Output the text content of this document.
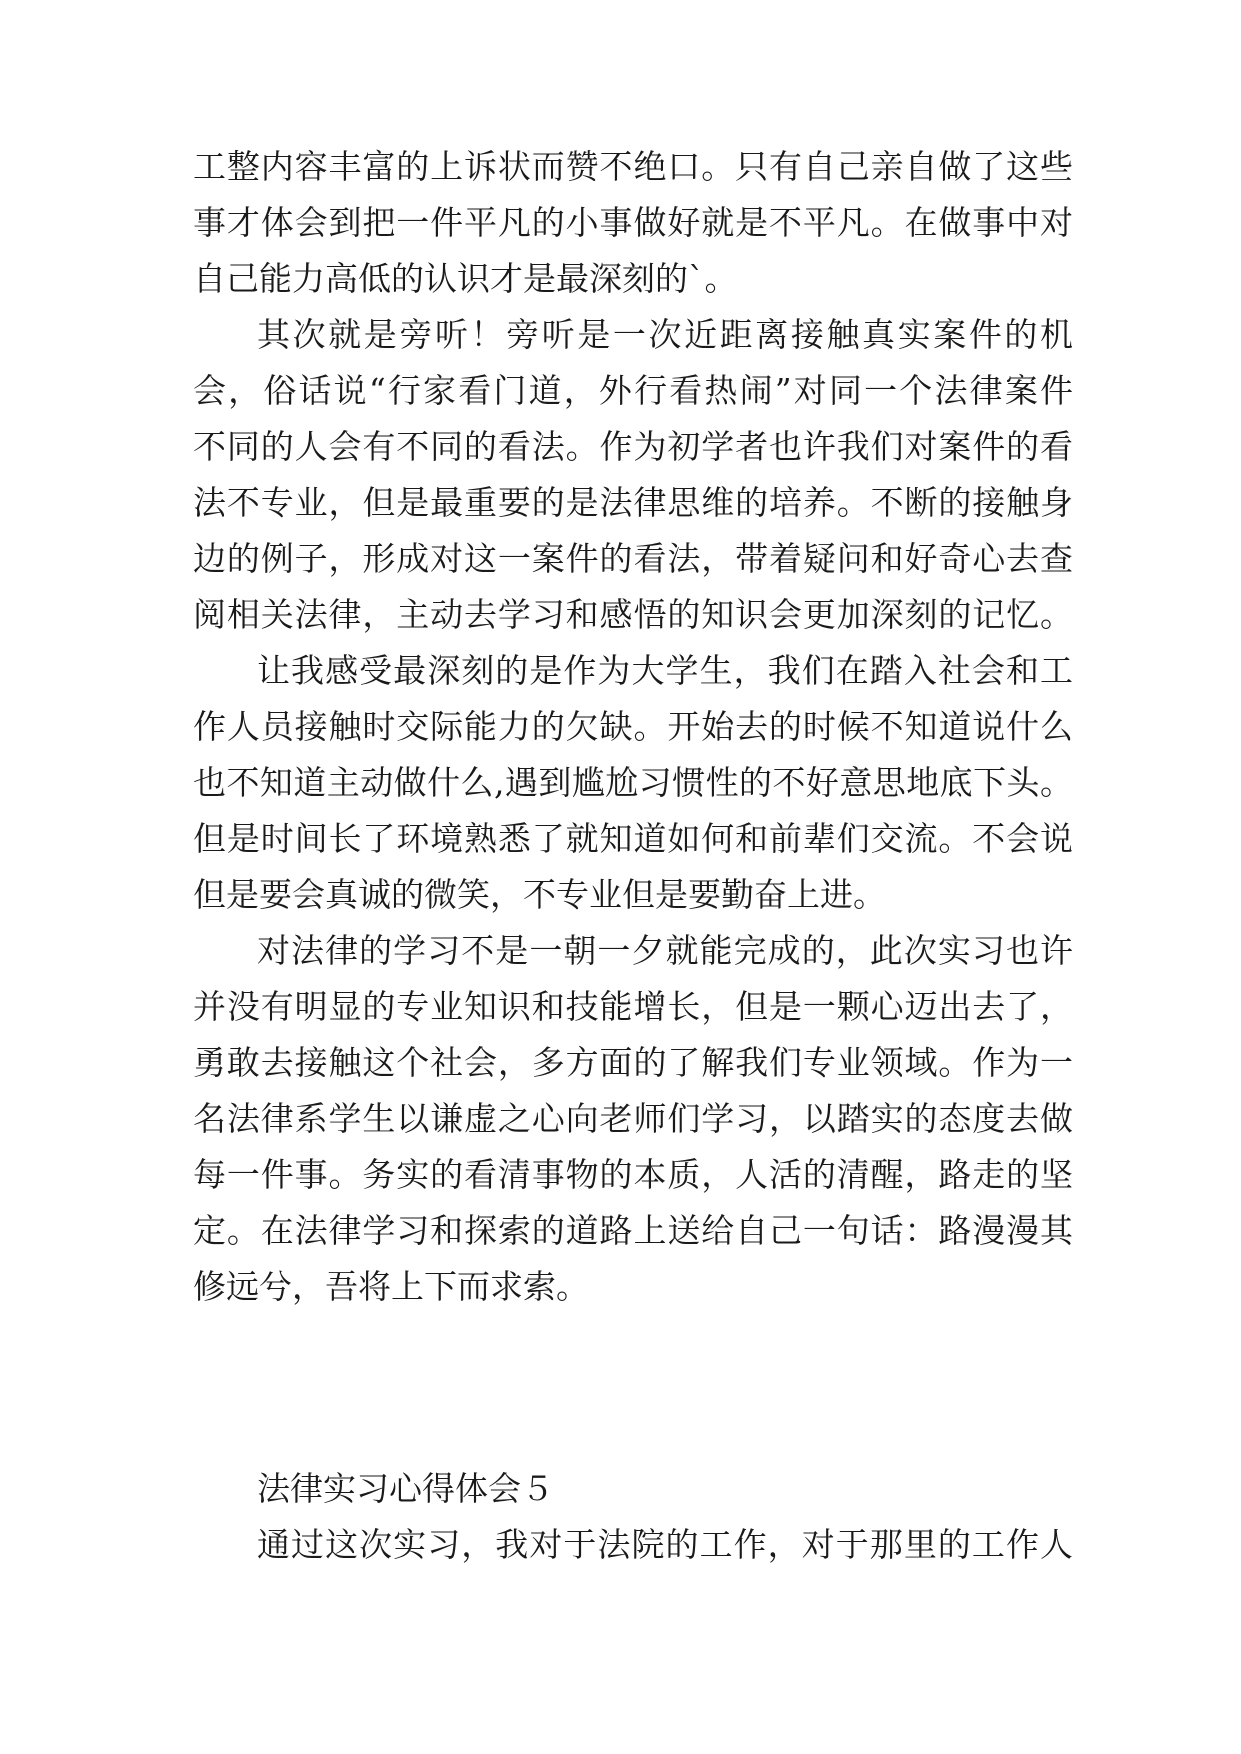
工整内容丰富的上诉状而赞不绝口。只有自己亲自做了这些

事才体会到把一件平凡的小事做好就是不平凡。在做事中对

自己能力高低的认识才是最深刻的`。

其次就是旁听！旁听是一次近距离接触真实案件的机

会，俗话说“行家看门道，外行看热闹”对同一个法律案件

不同的人会有不同的看法。作为初学者也许我们对案件的看

法不专业，但是最重要的是法律思维的培养。不断的接触身

边的例子，形成对这一案件的看法，带着疑问和好奇心去查

阅相关法律，主动去学习和感悟的知识会更加深刻的记忆。

让我感受最深刻的是作为大学生，我们在踏入社会和工

作人员接触时交际能力的欠缺。开始去的时候不知道说什么

也不知道主动做什么,遇到尴尬习惯性的不好意思地底下头。

但是时间长了环境熟悉了就知道如何和前辈们交流。不会说

但是要会真诚的微笑，不专业但是要勤奋上进。

对法律的学习不是一朝一夕就能完成的，此次实习也许

并没有明显的专业知识和技能增长，但是一颗心迈出去了，

勇敢去接触这个社会，多方面的了解我们专业领域。作为一

名法律系学生以谦虚之心向老师们学习，以踏实的态度去做

每一件事。务实的看清事物的本质，人活的清醒，路走的坚

定。在法律学习和探索的道路上送给自己一句话：路漫漫其

修远兮，吾将上下而求索。

法律实习心得体会５

通过这次实习，我对于法院的工作，对于那里的工作人
